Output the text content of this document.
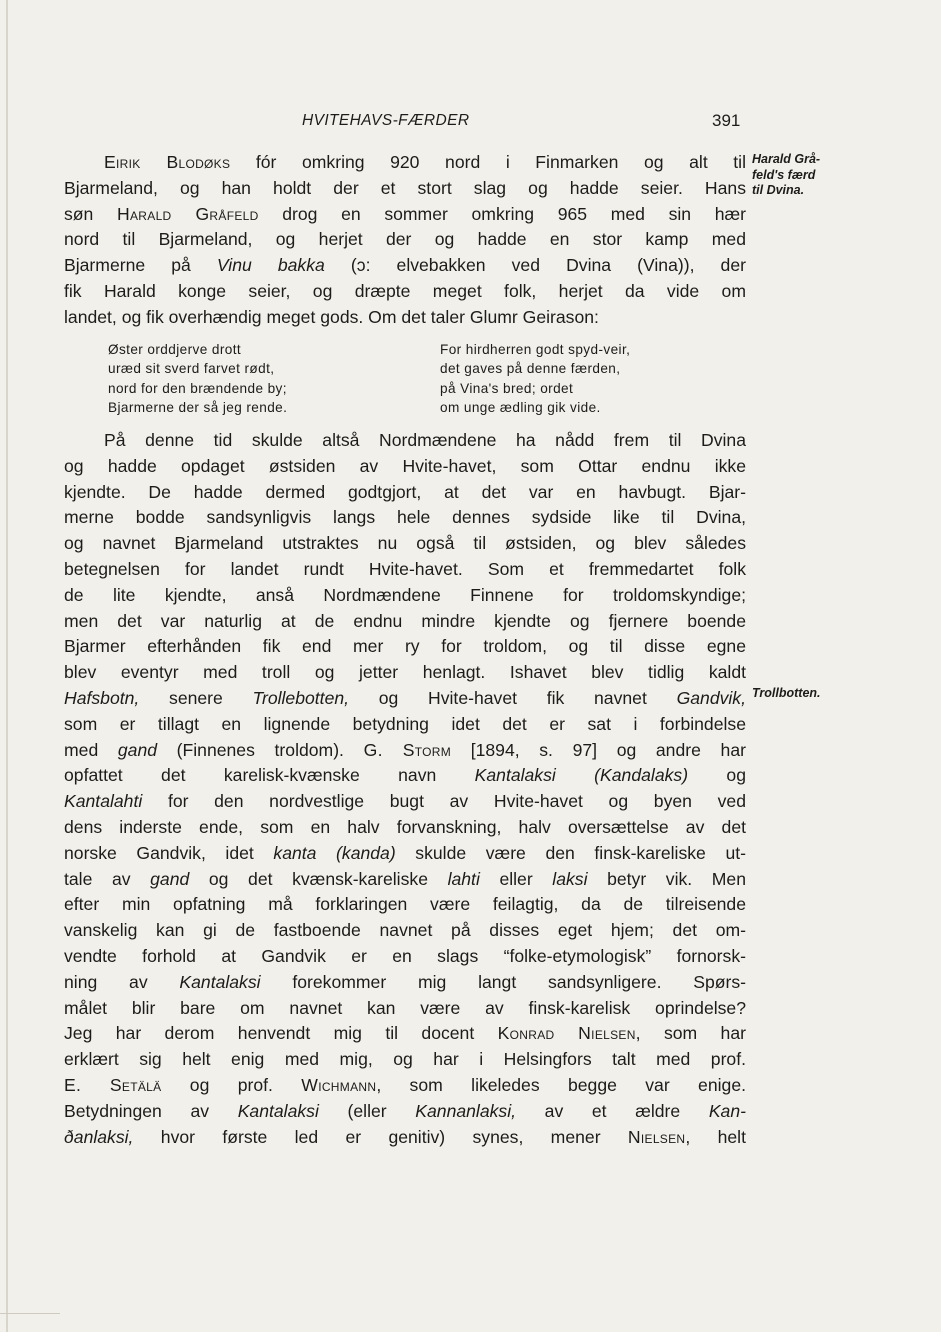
HVITEHAVS-FÆRDER	391
Eirik Blodøks fór omkring 920 nord i Finmarken og alt til
Bjarmeland, og han holdt der et stort slag og hadde seier. Hans
søn Harald Gråfeld drog en sommer omkring 965 med sin hær
nord til Bjarmeland, og herjet der og hadde en stor kamp med
Bjarmerne på Vinu bakka (ɔ: elvebakken ved Dvina (Vina)), der
fik Harald konge seier, og dræpte meget folk, herjet da vide om
landet, og fik overhændig meget gods. Om det taler Glumr Geirason:
Øster orddjerve drott
uræd sit sverd farvet rødt,
nord for den brændende by;
Bjarmerne der så jeg rende.
For hirdherren godt spyd-veir,
det gaves på denne færden,
på Vina's bred; ordet
om unge ædling gik vide.
På denne tid skulde altså Nordmændene ha nådd frem til Dvina
og hadde opdaget østsiden av Hvite-havet, som Ottar endnu ikke
kjendte. De hadde dermed godtgjort, at det var en havbugt. Bjar-
merne bodde sandsynligvis langs hele dennes sydside like til Dvina,
og navnet Bjarmeland utstraktes nu også til østsiden, og blev således
betegnelsen for landet rundt Hvite-havet. Som et fremmedartet folk
de lite kjendte, anså Nordmændene Finnene for troldomskyndige;
men det var naturlig at de endnu mindre kjendte og fjernere boende
Bjarmer efterhånden fik end mer ry for troldom, og til disse egne
blev eventyr med troll og jetter henlagt. Ishavet blev tidlig kaldt
Hafsbotn, senere Trollebotten, og Hvite-havet fik navnet Gandvik,
som er tillagt en lignende betydning idet det er sat i forbindelse
med gand (Finnenes troldom). G. Storm [1894, s. 97] og andre har
opfattet det karelisk-kvænske navn Kantalaksi (Kandalaks) og
Kantalahti for den nordvestlige bugt av Hvite-havet og byen ved
dens inderste ende, som en halv forvanskning, halv oversættelse av det
norske Gandvik, idet kanta (kanda) skulde være den finsk-kareliske ut-
tale av gand og det kvænsk-kareliske lahti eller laksi betyr vik. Men
efter min opfatning må forklaringen være feilagtig, da de tilreisende
vanskelig kan gi de fastboende navnet på disses eget hjem; det om-
vendte forhold at Gandvik er en slags “folke-etymologisk” fornorsk-
ning av Kantalaksi forekommer mig langt sandsynligere. Spørs-
målet blir bare om navnet kan være av finsk-karelisk oprindelse?
Jeg har derom henvendt mig til docent Konrad Nielsen, som har
erklært sig helt enig med mig, og har i Helsingfors talt med prof.
E. Setälä og prof. Wichmann, som likeledes begge var enige.
Betydningen av Kantalaksi (eller Kannanlaksi, av et ældre Kan-
ðanlaksi, hvor første led er genitiv) synes, mener Nielsen, helt
Harald Grå-
feld's færd
til Dvina.
Trollbotten.
